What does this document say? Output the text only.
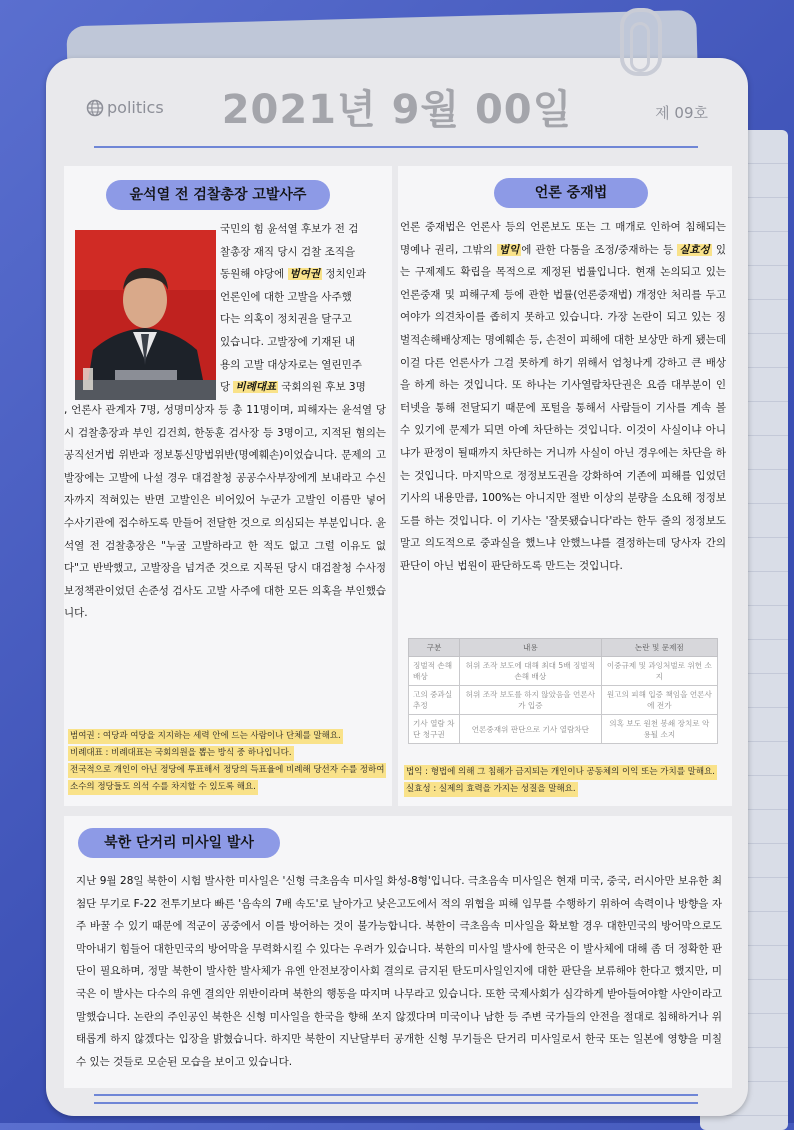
politics	2021년 9월 00일	제 09호
윤석열 전 검찰총장 고발사주
국민의 힘 윤석열 후보가 전 검
찰총장 재직 당시 검찰 조직을
동원해 야당에 범여권 정치인과
언론인에 대한 고발을 사주했
다는 의혹이 정치권을 달구고
있습니다. 고발장에 기재된 내
용의 고발 대상자로는 열린민주
당 비례대표 국회의원 후보 3명
, 언론사 관계자 7명, 성명미상자 등 총 11명이며, 피해자는 윤석열 당시 검찰총장과 부인 김건희, 한동훈 검사장 등 3명이고, 지적된 혐의는 공직선거법 위반과 정보통신망법위반(명예훼손)이었습니다. 문제의 고발장에는 고발에 나설 경우 대검찰청 공공수사부장에게 보내라고 수신자까지 적혀있는 반면 고발인은 비어있어 누군가 고발인 이름만 넣어 수사기관에 접수하도록 만들어 전달한 것으로 의심되는 부분입니다. 윤석열 전 검찰총장은 "누굴 고발하라고 한 적도 없고 그럴 이유도 없다"고 반박했고, 고발장을 넘겨준 것으로 지목된 당시 대검찰청 수사정보정책관이었던 손준성 검사도 고발 사주에 대한 모든 의혹을 부인했습니다.
범여권 : 여당과 여당을 지지하는 세력 안에 드는 사람이나 단체를 말해요.
비례대표 : 비례대표는 국회의원을 뽑는 방식 중 하나입니다.
전국적으로 개인이 아닌 정당에 투표해서 정당의 득표율에 비례해 당선자 수를 정하여
소수의 정당들도 의석 수를 차지할 수 있도록 해요.
언론 중재법
언론 중재법은 언론사 등의 언론보도 또는 그 매개로 인하여 침해되는 명예나 권리, 그밖의 법익 에 관한 다툼을 조정/중재하는 등 실효성 있는 구제제도 확립을 목적으로 제정된 법률입니다. 현재 논의되고 있는 언론중재 및 피해구제 등에 관한 법률(언론중재법) 개정안 처리를 두고 여야가 의견차이를 좁히지 못하고 있습니다. 가장 논란이 되고 있는 징벌적손해배상제는 명예훼손 등, 손전이 피해에 대한 보상만 하게 됐는데 이걸 다른 언론사가 그걸 못하게 하기 위해서 엄청나게 강하고 큰 배상을 하게 하는 것입니다. 또 하나는 기사열람차단권은 요즘 대부분이 인터넷을 통해 전달되기 때문에 포털을 통해서 사람들이 기사를 계속 볼 수 있기에 문제가 되면 아예 차단하는 것입니다. 이것이 사실이냐 아니냐가 판정이 될때까지 차단하는 거니까 사실이 아닌 경우에는 차단을 하는 것입니다. 마지막으로 정정보도권을 강화하여 기존에 피해를 입었던 기사의 내용만큼, 100%는 아니지만 절반 이상의 분량을 소요해 정정보도를 하는 것입니다. 이 기사는 '잘못됐습니다'라는 한두 줄의 정정보도 말고 의도적으로 중과실을 했느냐 안했느냐를 결정하는데 당사자 간의 판단이 아닌 법원이 판단하도록 만드는 것입니다.
구분	내용	논란 및 문제점
징벌적 손해배상	허위 조작 보도에 대해 최대 5배 징벌적 손해 배상	이중규제 및 과잉처벌로 위헌 소지
고의 중과실 추정	허위 조작 보도를 하지 않았음을 언론사가 입증	원고의 피해 입증 책임을 언론사에 전가
기사 열람 차단 청구권	언론중재위 판단으로 기사 열람차단	의혹 보도 원천 봉쇄 장치로 악용될 소지
법익 : 형법에 의해 그 침해가 금지되는 개인이나 공동체의 이익 또는 가치를 말해요.
실효성 : 실제의 효력을 가지는 성질을 말해요.
북한 단거리 미사일 발사
지난 9월 28일 북한이 시험 발사한 미사일은 '신형 극초음속 미사일 화성-8형'입니다. 극초음속 미사일은 현재 미국, 중국, 러시아만 보유한 최첨단 무기로 F-22 전투기보다 빠른 '음속의 7배 속도'로 날아가고 낮은고도에서 적의 위협을 피해 임무를 수행하기 위하여 속력이나 방향을 자주 바꿀 수 있기 때문에 적군이 공중에서 이를 방어하는 것이 불가능합니다. 북한이 극초음속 미사일을 확보할 경우 대한민국의 방어막으로도 막아내기 힘들어 대한민국의 방어막을 무력화시킬 수 있다는 우려가 있습니다. 북한의 미사일 발사에 한국은 이 발사체에 대해 좀 더 정확한 판단이 필요하며, 정말 북한이 발사한 발사체가 유엔 안전보장이사회 결의로 금지된 탄도미사일인지에 대한 판단을 보류해야 한다고 했지만, 미국은 이 발사는 다수의 유엔 결의안 위반이라며 북한의 행동을 따지며 나무라고 있습니다. 또한 국제사회가 심각하게 받아들여야할 사안이라고 말했습니다. 논란의 주인공인 북한은 신형 미사일을 한국을 향해 쏘지 않겠다며 미국이나 남한 등 주변 국가들의 안전을 절대로 침해하거나 위태롭게 하지 않겠다는 입장을 밝혔습니다. 하지만 북한이 지난달부터 공개한 신형 무기들은 단거리 미사일로서 한국 또는 일본에 영향을 미칠 수 있는 것들로 모순된 모습을 보이고 있습니다.
